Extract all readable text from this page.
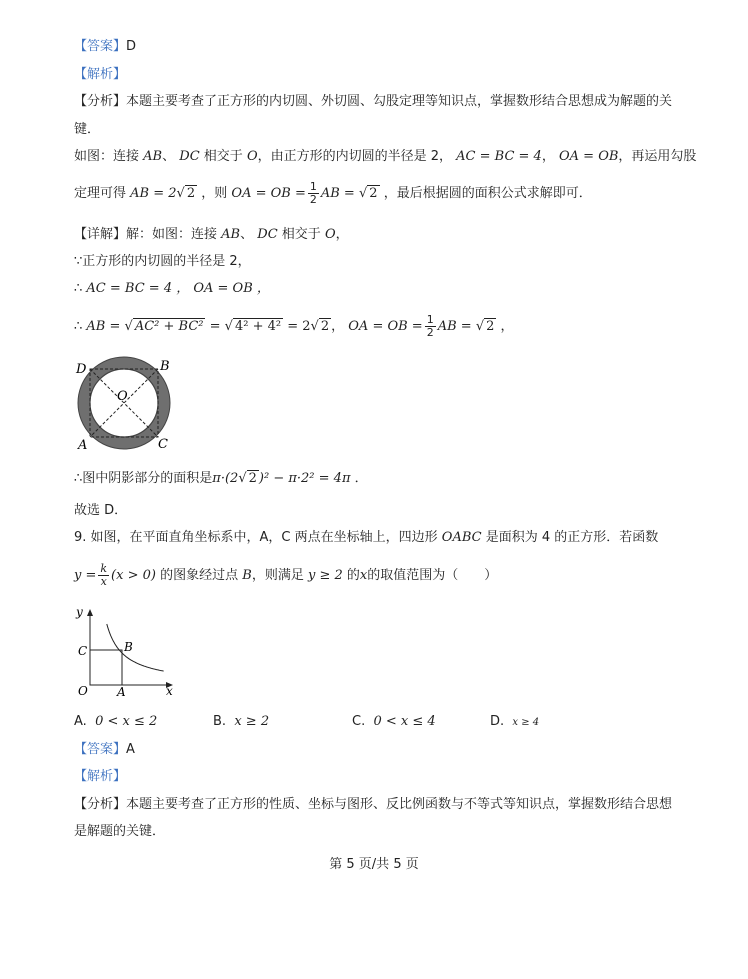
【答案】D
【解析】
【分析】本题主要考查了正方形的内切圆、外切圆、勾股定理等知识点，掌握数形结合思想成为解题的关
键．
如图：连接 AB、 DC 相交于 O，由正方形的内切圆的半径是 2， AC = BC = 4， OA = OB，再运用勾股
定理可得 AB = 2√ 2 ，则 OA = OB = $\frac{1}{2}$ AB = √ 2 ，最后根据圆的面积公式求解即可．
【详解】解：如图：连接 AB、 DC 相交于 O，
∵正方形的内切圆的半径是 2，
∴ AC = BC = 4 ， OA = OB ，
∴ AB = √ AC² + BC² = √ 4² + 4² = 2√ 2 ， OA = OB = $\frac{1}{2}$ AB = √ 2 ，
D	B
O
A	C
∴图中阴影部分的面积是π·(2√ 2 )² − π·2² = 4π ．
故选 D．
9. 如图，在平面直角坐标系中，A，C 两点在坐标轴上，四边形 OABC 是面积为 4 的正方形．若函数
$y = \frac{k}{x} (x > 0)$ 的图象经过点 B，则满足 y ≥ 2 的x的取值范围为（　　）
y
x
C	B
O A
A. 0 < x ≤ 2	B. x ≥ 2	C. 0 < x ≤ 4	D. x ≥ 4
【答案】A
【解析】
【分析】本题主要考查了正方形的性质、坐标与图形、反比例函数与不等式等知识点，掌握数形结合思想
是解题的关键．
第 5 页/共 5 页
